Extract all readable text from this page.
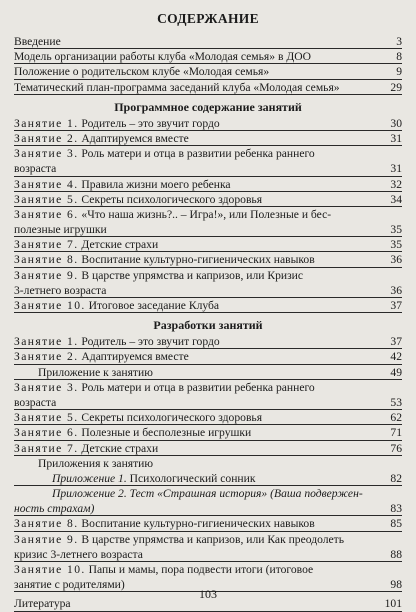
СОДЕРЖАНИЕ
Введение	3
Модель организации работы клуба «Молодая семья» в ДОО	8
Положение о родительском клубе «Молодая семья»	9
Тематический план-программа заседаний клуба «Молодая семья»	29
Программное содержание занятий
Занятие 1. Родитель – это звучит гордо	30
Занятие 2. Адаптируемся вместе	31
Занятие 3. Роль матери и отца в развитии ребенка раннего
возраста	31
Занятие 4. Правила жизни моего ребенка	32
Занятие 5. Секреты психологического здоровья	34
Занятие 6. «Что наша жизнь?.. – Игра!», или Полезные и бес-
полезные игрушки	35
Занятие 7. Детские страхи	35
Занятие 8. Воспитание культурно-гигиенических навыков	36
Занятие 9. В царстве упрямства и капризов, или Кризис
3-летнего возраста	36
Занятие 10. Итоговое заседание Клуба	37
Разработки занятий
Занятие 1. Родитель – это звучит гордо	37
Занятие 2. Адаптируемся вместе	42
Приложение к занятию	49
Занятие 3. Роль матери и отца в развитии ребенка раннего
возраста	53
Занятие 5. Секреты психологического здоровья	62
Занятие 6. Полезные и бесполезные игрушки	71
Занятие 7. Детские страхи	76
Приложения к занятию
Приложение 1. Психологический сонник	82
Приложение 2. Тест «Страшная история» (Ваша подвержен-
ность страхам)	83
Занятие 8. Воспитание культурно-гигиенических навыков	85
Занятие 9. В царстве упрямства и капризов, или Как преодолеть
кризис 3-летнего возраста	88
Занятие 10. Папы и мамы, пора подвести итоги (итоговое
занятие с родителями)	98
Литература	101
103
